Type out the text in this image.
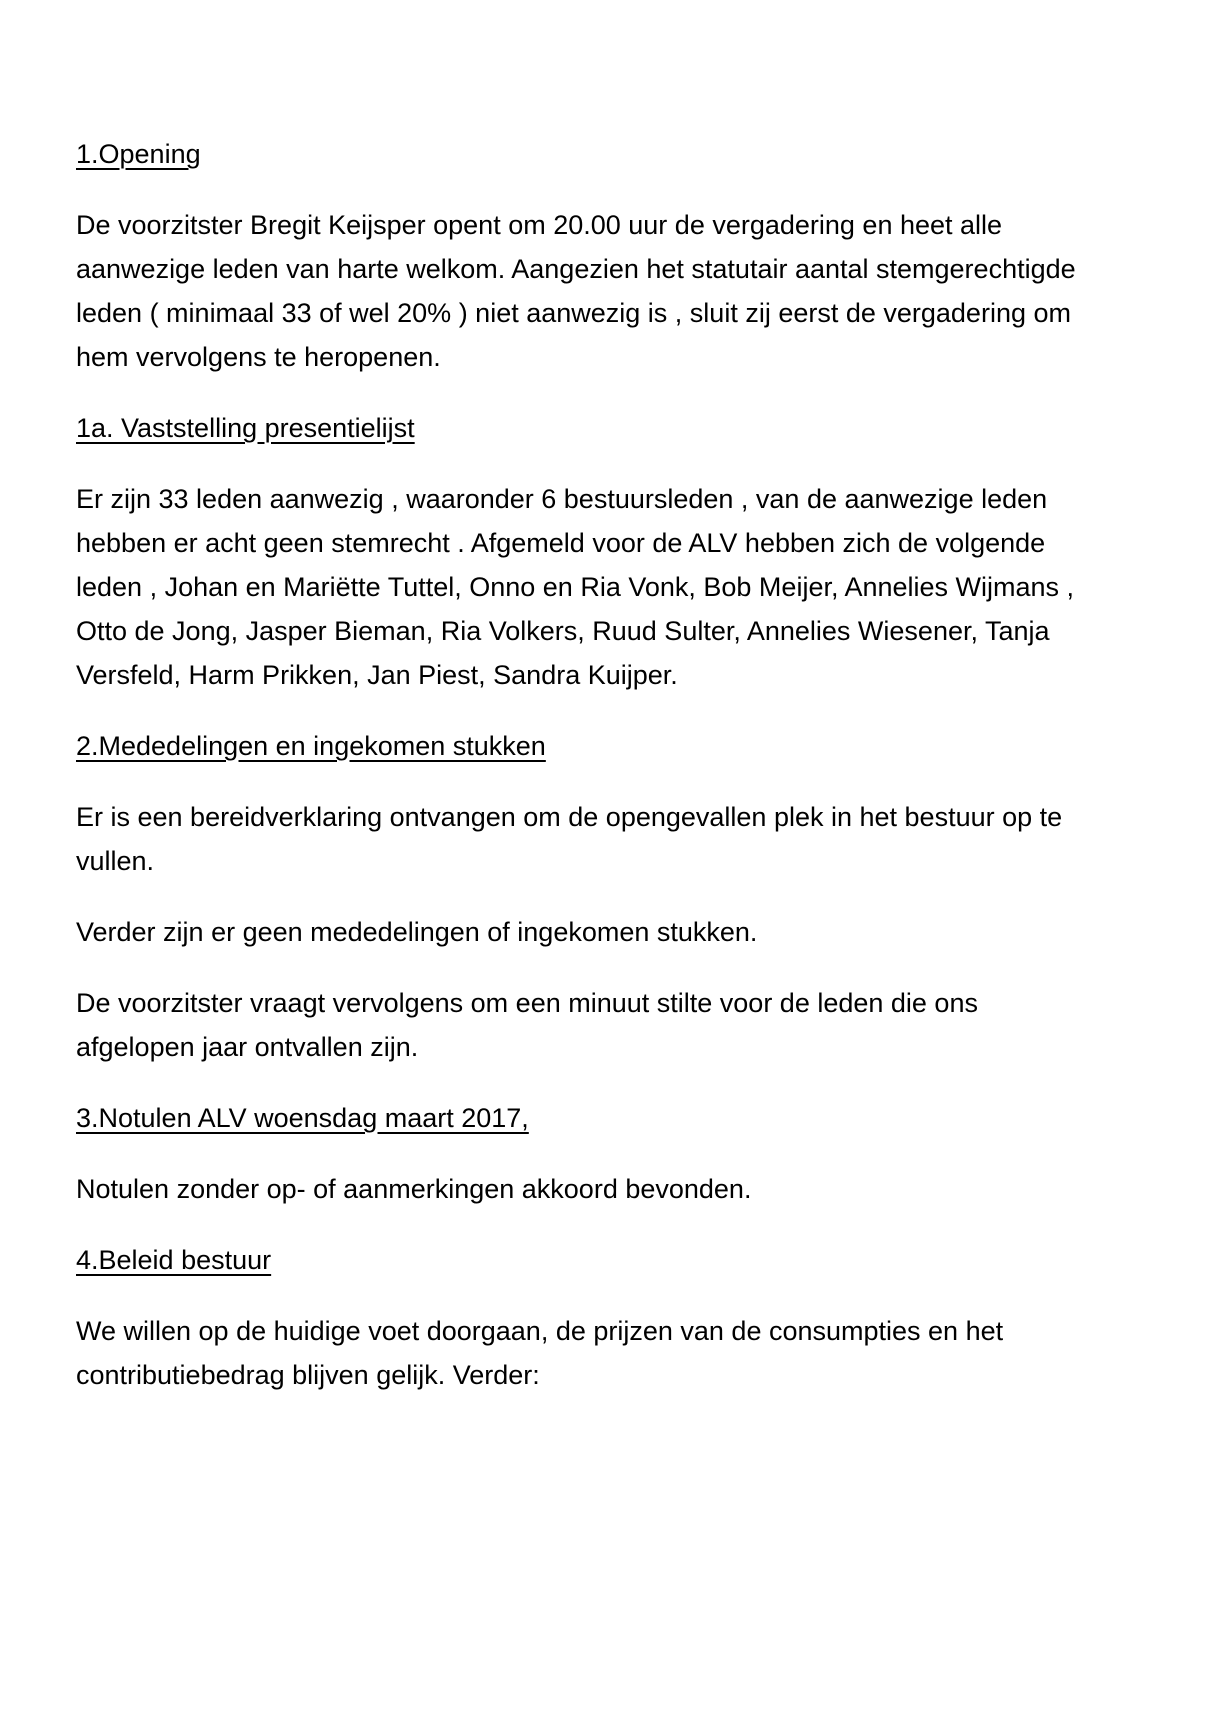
1.Opening

De voorzitster Bregit Keijsper opent om 20.00 uur de vergadering en heet alle aanwezige leden van harte welkom. Aangezien het statutair aantal stemgerechtigde leden ( minimaal 33 of wel 20% ) niet aanwezig is , sluit zij eerst de vergadering om hem vervolgens te heropenen.

1a. Vaststelling presentielijst

Er zijn 33 leden aanwezig , waaronder 6 bestuursleden , van de aanwezige leden hebben er acht geen stemrecht . Afgemeld voor de ALV hebben zich de volgende leden , Johan en Mariëtte Tuttel, Onno en Ria Vonk, Bob Meijer, Annelies Wijmans , Otto de Jong, Jasper Bieman, Ria Volkers, Ruud Sulter, Annelies Wiesener, Tanja Versfeld, Harm Prikken, Jan Piest, Sandra Kuijper.

2.Mededelingen en ingekomen stukken

Er is een bereidverklaring ontvangen om de opengevallen plek in het bestuur op te vullen.

Verder zijn er geen mededelingen of ingekomen stukken.

De voorzitster vraagt vervolgens om een minuut stilte voor de leden die ons afgelopen jaar ontvallen zijn.

3.Notulen ALV woensdag maart 2017,

Notulen zonder op- of aanmerkingen akkoord bevonden.

4.Beleid bestuur

We willen op de huidige voet doorgaan, de prijzen van de consumpties en het contributiebedrag blijven gelijk. Verder:
